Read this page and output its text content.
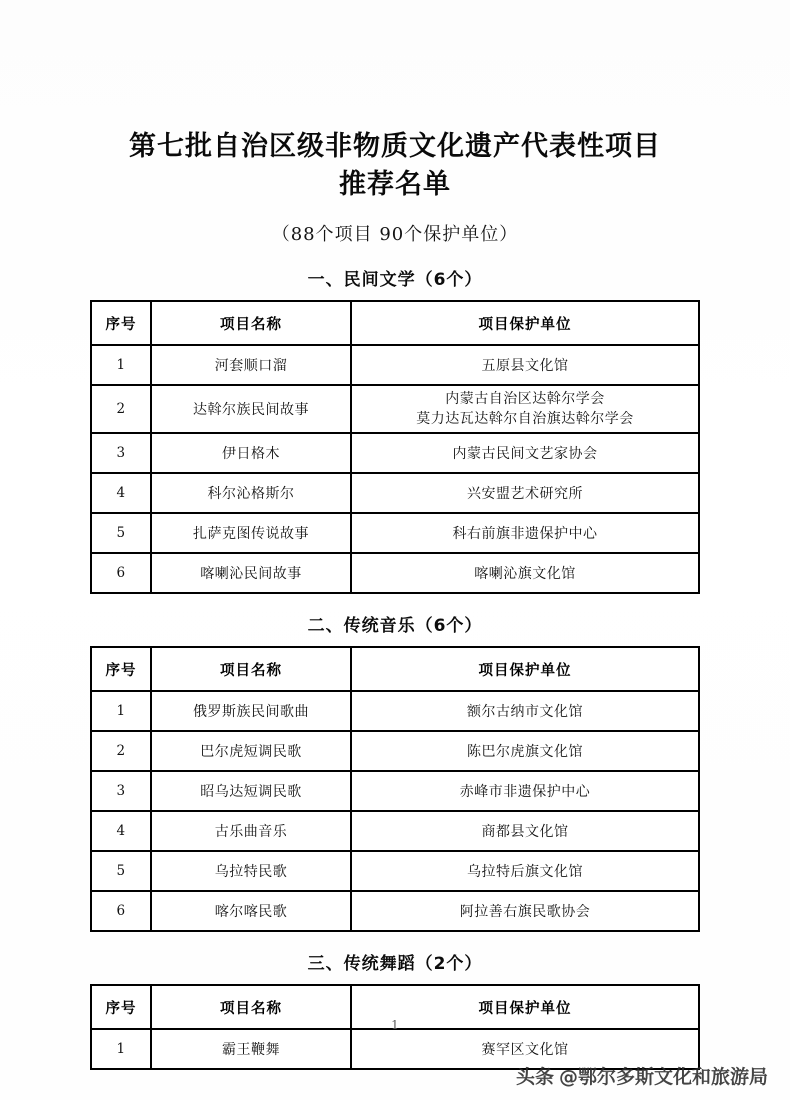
第七批自治区级非物质文化遗产代表性项目
推荐名单
（88个项目 90个保护单位）
一、民间文学（6个）
序号	项目名称	项目保护单位
1	河套顺口溜	五原县文化馆

2	达斡尔族民间故事	内蒙古自治区达斡尔学会
莫力达瓦达斡尔自治旗达斡尔学会

3	伊日格木	内蒙古民间文艺家协会

4	科尔沁格斯尔	兴安盟艺术研究所

5	扎萨克图传说故事	科右前旗非遗保护中心

6	喀喇沁民间故事	喀喇沁旗文化馆
二、传统音乐（6个）
序号	项目名称	项目保护单位
1	俄罗斯族民间歌曲	额尔古纳市文化馆

2	巴尔虎短调民歌	陈巴尔虎旗文化馆

3	昭乌达短调民歌	赤峰市非遗保护中心

4	古乐曲音乐	商都县文化馆

5	乌拉特民歌	乌拉特后旗文化馆

6	喀尔喀民歌	阿拉善右旗民歌协会
三、传统舞蹈（2个）
序号	项目名称	项目保护单位
1	霸王鞭舞	赛罕区文化馆
1
头条 @鄂尔多斯文化和旅游局
